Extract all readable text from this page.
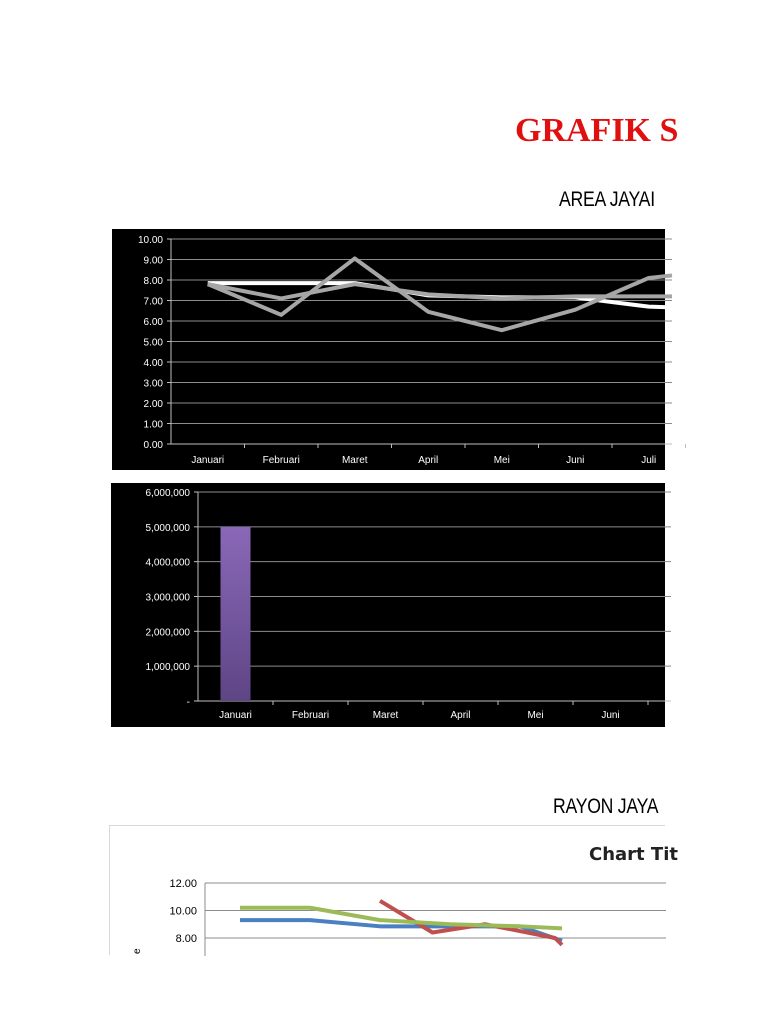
GRAFIK S
AREA JAYAI
0.00
1.00
2.00
3.00
4.00
5.00
6.00
7.00
8.00
9.00
10.00
Januari	Februari	Maret	April	Mei	Juni	Juli
-
1,000,000
2,000,000
3,000,000
4,000,000
5,000,000
6,000,000
Januari	Februari	Maret	April	Mei	Juni
RAYON JAYA
Chart Tit
8.00
10.00
12.00
e
